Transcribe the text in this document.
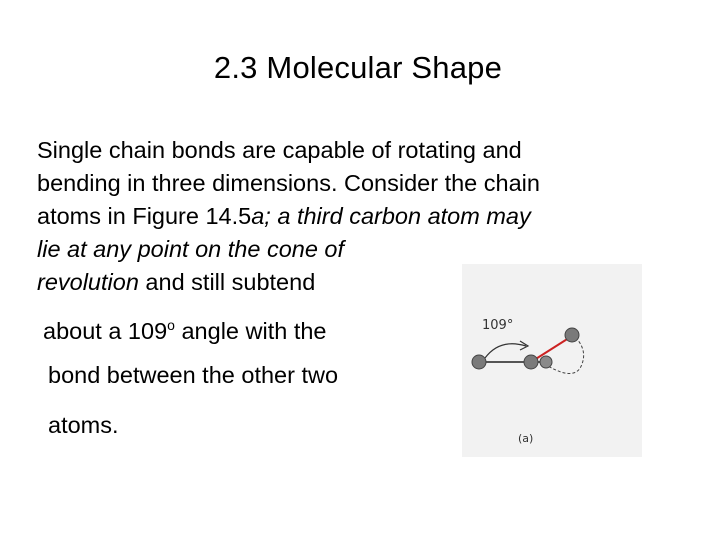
2.3 Molecular Shape
Single chain bonds are capable of rotating and
bending in three dimensions. Consider the chain
atoms in Figure 14.5a; a third carbon atom may
lie at any point on the cone of
revolution and still subtend
about a 109$^o$ angle with the
bond between the other two
atoms.
109°
(a)
